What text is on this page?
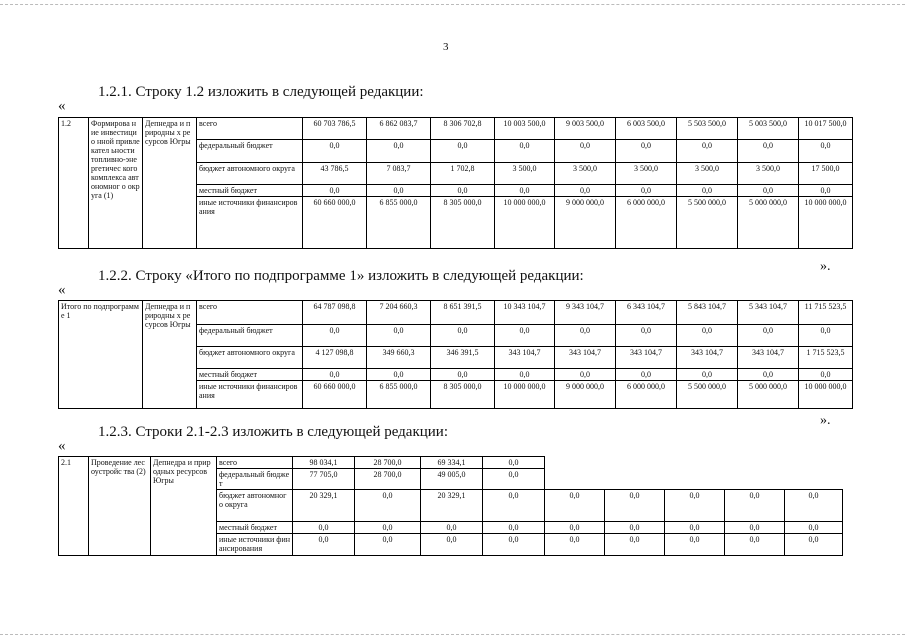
3
1.2.1. Строку 1.2 изложить в следующей редакции:
«
1.2	Формирова ние инвестицио нной привлекател ьности топливно-энергетичес кого комплекса автономног о округа (1)	Депнедра и природны х ресурсов Югры	всего	60 703 786,5	6 862 083,7	8 306 702,8	10 003 500,0	9 003 500,0	6 003 500,0	5 503 500,0	5 003 500,0	10 017 500,0
			федеральный бюджет	0,0	0,0	0,0	0,0	0,0	0,0	0,0	0,0	0,0
			бюджет автономного округа	43 786,5	7 083,7	1 702,8	3 500,0	3 500,0	3 500,0	3 500,0	3 500,0	17 500,0
			местный бюджет	0,0	0,0	0,0	0,0	0,0	0,0	0,0	0,0	0,0
			иные источники финансирования	60 660 000,0	6 855 000,0	8 305 000,0	10 000 000,0	9 000 000,0	6 000 000,0	5 500 000,0	5 000 000,0	10 000 000,0
».
1.2.2. Строку «Итого по подпрограмме 1» изложить в следующей редакции:
«
Итого по подпрограмме 1	Депнедра и природны х ресурсов Югры	всего	64 787 098,8	7 204 660,3	8 651 391,5	10 343 104,7	9 343 104,7	6 343 104,7	5 843 104,7	5 343 104,7	11 715 523,5
		федеральный бюджет	0,0	0,0	0,0	0,0	0,0	0,0	0,0	0,0	0,0
		бюджет автономного округа	4 127 098,8	349 660,3	346 391,5	343 104,7	343 104,7	343 104,7	343 104,7	343 104,7	1 715 523,5
		местный бюджет	0,0	0,0	0,0	0,0	0,0	0,0	0,0	0,0	0,0
		иные источники финансирования	60 660 000,0	6 855 000,0	8 305 000,0	10 000 000,0	9 000 000,0	6 000 000,0	5 500 000,0	5 000 000,0	10 000 000,0
».
1.2.3. Строки 2.1-2.3 изложить в следующей редакции:
«
2.1	Проведение лесоустройс тва (2)	Депнедра и природных ресурсов Югры	всего	98 034,1	28 700,0	69 334,1	0,0					
			федеральный бюджет	77 705,0	28 700,0	49 005,0	0,0					
			бюджет автономного округа	20 329,1	0,0	20 329,1	0,0	0,0	0,0	0,0	0,0	0,0
			местный бюджет	0,0	0,0	0,0	0,0	0,0	0,0	0,0	0,0	0,0
			иные источники финансирования	0,0	0,0	0,0	0,0	0,0	0,0	0,0	0,0	0,0
